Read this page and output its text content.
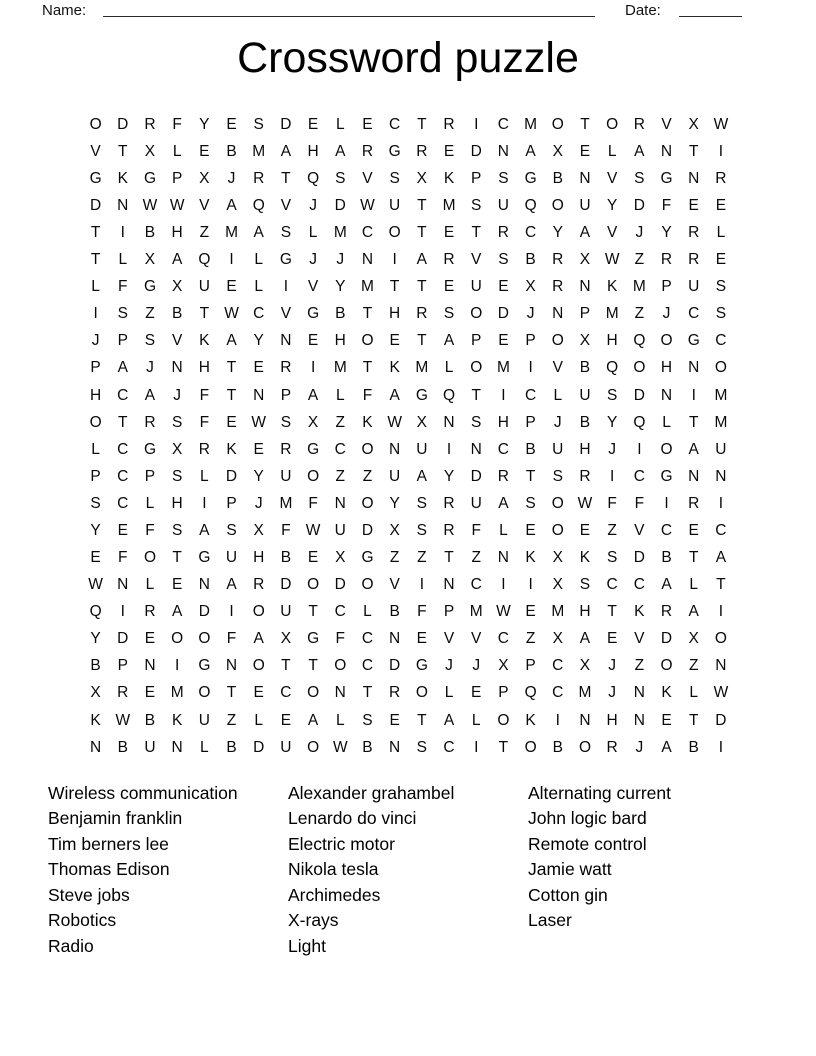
Name:	Date:
Crossword puzzle
O	D	R	F	Y	E	S	D	E	L	E	C	T	R	I	C M O	T	O	R	V	X W
V	T	X	L	E	B	M	A	H	A	R	G	R	E	D	N	A	X	E	L	A	N	T	I
G	K	G	P	X	J	R	T	Q	S	V	S	X	K	P	S	G	B	N	V	S	G	N	R
D	N W W V	A	Q	V	J	D W U	T	M	S	U	Q O	U	Y	D	F	E	E
T	I	B	H	Z	M	A	S	L	M C	O	T	E	T	R	C	Y	A	V	J	Y	R	L
T	L	X	A	Q	I	L	G	J	J	N	I	A	R	V	S	B	R	X W Z	R	R	E
L	F	G	X	U	E	L	I	V	Y	M	T	T	E	U	E	X	R	N	K	M	P	U	S
I	S	Z	B	T W C	V	G	B	T	H	R	S	O	D	J	N	P	M	Z	J	C	S
J	P	S	V	K	A	Y	N	E	H	O	E	T	A	P	E	P	O	X	H	Q O G	C
P	A	J	N	H	T	E	R	I	M	T	K	M	L	O M	I	V	B	Q O	H	N	O
H	C	A	J	F	T	N	P	A	L	F	A	G Q	T	I	C	L	U	S	D	N	I	M
O	T	R	S	F	E W S	X	Z	K W X	N	S	H	P	J	B	Y	Q	L	T	M
L	C	G	X	R	K	E	R	G	C	O	N	U	I	N	C	B	U	H	J	I	O	A	U
P	C	P	S	L	D	Y	U	O	Z	Z	U	A	Y	D	R	T	S	R	I	C	G	N	N
S	C	L	H	I	P	J	M	F	N	O	Y	S	R	U	A	S	O W F	F	I	R	I
Y	E	F	S	A	S	X	F W U	D	X	S	R	F	L	E	O	E	Z	V	C	E	C
E	F	O	T	G	U	H	B	E	X	G	Z	Z	T	Z	N	K	X	K	S	D	B	T	A
W N	L	E	N	A	R	D	O	D	O	V	I	N	C	I	I	X	S	C	C	A	L	T
Q	I	R	A	D	I	O	U	T	C	L	B	F	P	M W E	M H	T	K	R	A	I
Y	D	E	O O	F	A	X	G	F	C	N	E	V	V	C	Z	X	A	E	V	D	X	O
B	P	N	I	G	N	O	T	T	O	C	D	G	J	J	X	P	C	X	J	Z	O	Z	N
X	R	E	M O	T	E	C	O	N	T	R	O	L	E	P	Q	C M	J	N	K	L	W
K W B	K	U	Z	L	E	A	L	S	E	T	A	L	O	K	I	N	H	N	E	T	D
N	B	U	N	L	B	D	U	O W B	N	S	C	I	T	O	B	O	R	J	A	B	I
Wireless communication
Benjamin franklin
Tim berners lee
Thomas Edison
Steve jobs
Robotics
Radio
Alexander grahambel
Lenardo do vinci
Electric motor
Nikola tesla
Archimedes
X-rays
Light
Alternating current
John logic bard
Remote control
Jamie watt
Cotton gin
Laser
